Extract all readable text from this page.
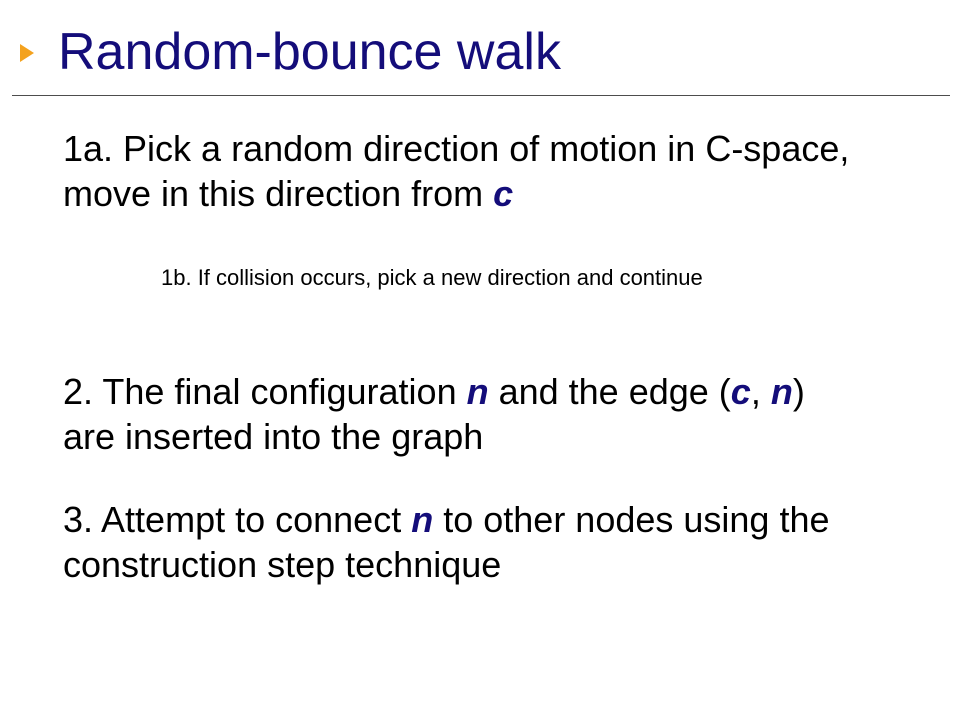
Random-bounce walk

1a. Pick a random direction of motion in C-space, move in this direction from c

1b. If collision occurs, pick a new direction and continue

2. The final configuration n and the edge (c, n) are inserted into the graph

3. Attempt to connect n to other nodes using the construction step technique
